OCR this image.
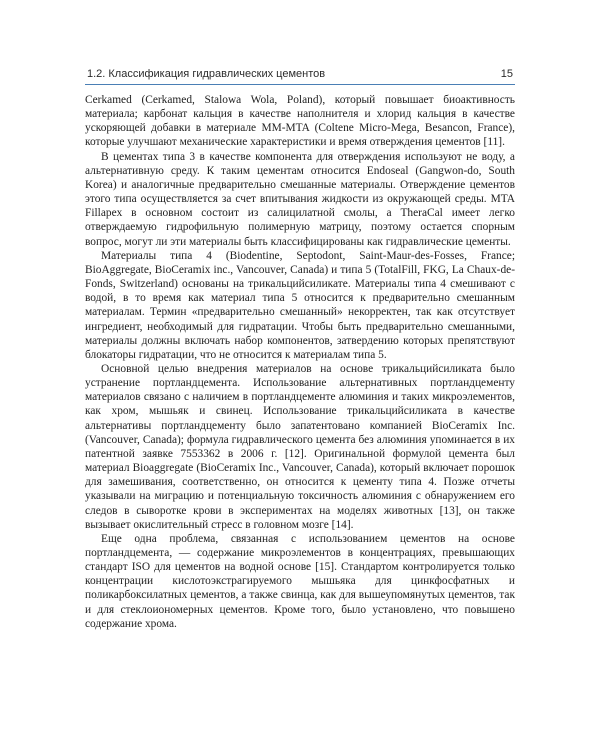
1.2. Классификация гидравлических цементов	15

Cerkamed (Cerkamed, Stalowa Wola, Poland), который повышает биоактивность материала; карбонат кальция в качестве наполнителя и хлорид кальция в качестве ускоряющей добавки в материале MM-MTA (Coltene Micro-Mega, Besancon, France), которые улучшают механические характеристики и время отверждения цементов [11].

В цементах типа 3 в качестве компонента для отверждения используют не воду, а альтернативную среду. К таким цементам относится Endoseal (Gangwon-do, South Korea) и аналогичные предварительно смешанные материалы. Отверждение цементов этого типа осуществляется за счет впитывания жидкости из окружающей среды. MTA Fillapex в основном состоит из салицилатной смолы, а TheraCal имеет легко отверждаемую гидрофильную полимерную матрицу, поэтому остается спорным вопрос, могут ли эти материалы быть классифицированы как гидравлические цементы.

Материалы типа 4 (Biodentine, Septodont, Saint-Maur-des-Fosses, France; BioAggregate, BioCeramix inc., Vancouver, Canada) и типа 5 (TotalFill, FKG, La Chaux-de-Fonds, Switzerland) основаны на трикальцийсиликате. Материалы типа 4 смешивают с водой, в то время как материал типа 5 относится к предварительно смешанным материалам. Термин «предварительно смешанный» некорректен, так как отсутствует ингредиент, необходимый для гидратации. Чтобы быть предварительно смешанными, материалы должны включать набор компонентов, затвердению которых препятствуют блокаторы гидратации, что не относится к материалам типа 5.

Основной целью внедрения материалов на основе трикальцийсиликата было устранение портландцемента. Использование альтернативных портландцементу материалов связано с наличием в портландцементе алюминия и таких микроэлементов, как хром, мышьяк и свинец. Использование трикальцийсиликата в качестве альтернативы портландцементу было запатентовано компанией BioCeramix Inc. (Vancouver, Canada); формула гидравлического цемента без алюминия упоминается в их патентной заявке 7553362 в 2006 г. [12]. Оригинальной формулой цемента был материал Bioaggregate (BioCeramix Inc., Vancouver, Canada), который включает порошок для замешивания, соответственно, он относится к цементу типа 4. Позже отчеты указывали на миграцию и потенциальную токсичность алюминия с обнаружением его следов в сыворотке крови в экспериментах на моделях животных [13], он также вызывает окислительный стресс в головном мозге [14].

Еще одна проблема, связанная с использованием цементов на основе портландцемента, — содержание микроэлементов в концентрациях, превышающих стандарт ISO для цементов на водной основе [15]. Стандартом контролируется только концентрации кислотоэкстрагируемого мышьяка для цинкфосфатных и поликарбоксилатных цементов, а также свинца, как для вышеупомянутых цементов, так и для стеклоиономерных цементов. Кроме того, было установлено, что повышено содержание хрома.
